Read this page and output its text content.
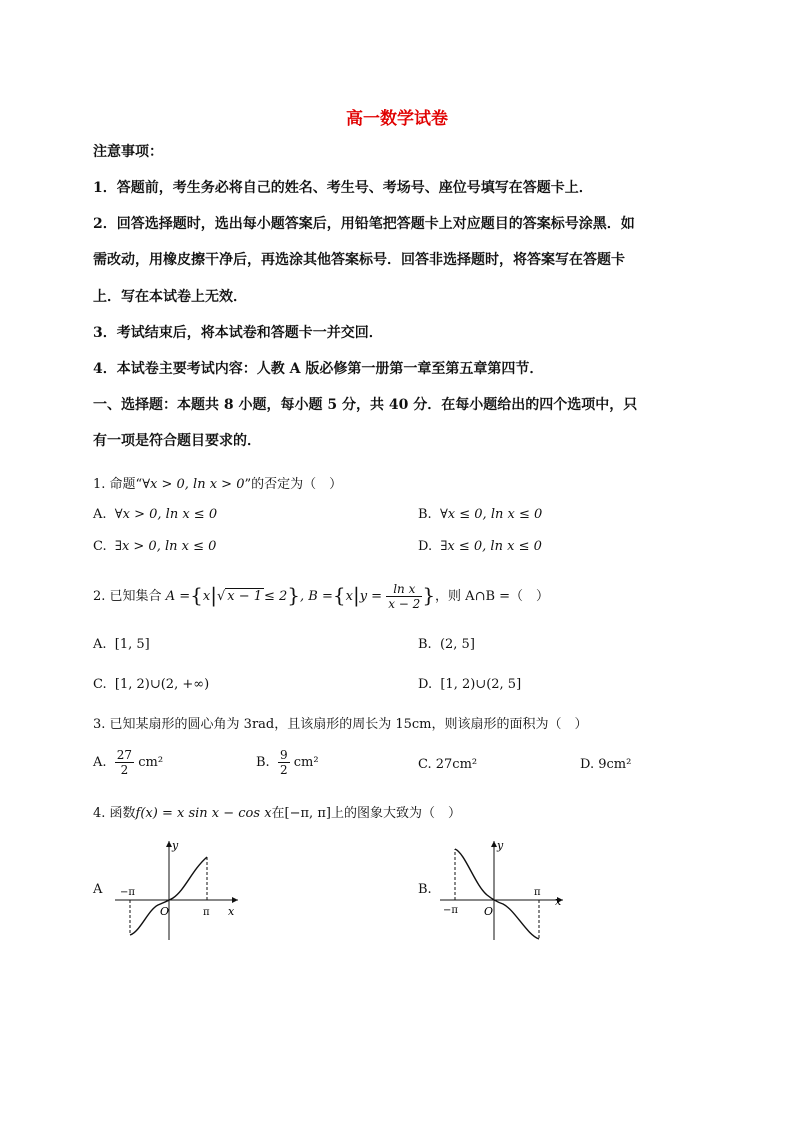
高一数学试卷
注意事项：
1．答题前，考生务必将自己的姓名、考生号、考场号、座位号填写在答题卡上．
2．回答选择题时，选出每小题答案后，用铅笔把答题卡上对应题目的答案标号涂黑．如
需改动，用橡皮擦干净后，再选涂其他答案标号．回答非选择题时，将答案写在答题卡
上．写在本试卷上无效．
3．考试结束后，将本试卷和答题卡一并交回．
4．本试卷主要考试内容：人教 A 版必修第一册第一章至第五章第四节．
一、选择题：本题共 8 小题，每小题 5 分，共 40 分．在每小题给出的四个选项中，只
有一项是符合题目要求的．
1. 命题“∀x > 0, ln x > 0”的否定为（　）
A. ∀x > 0, ln x ≤ 0	B. ∀x ≤ 0, ln x ≤ 0
C. ∃x > 0, ln x ≤ 0	D. ∃x ≤ 0, ln x ≤ 0
2. 已知集合 A ={x|√ x − 1 ≤ 2}, $B =\{x|y = \frac{\text{ln x}}{x - 2}$ }，则 A∩B =（　）
A. [1, 5]	B. (2, 5]
C. [1, 2)∪(2, +∞)	D. [1, 2)∪(2, 5]
3. 已知某扇形的圆心角为 3rad，且该扇形的周长为 15cm，则该扇形的面积为（　）
A. $\frac{27}{2} cm^2$	B. $\frac{9}{2} cm^2$	C. 27cm²	D. 9cm²
4. 函数f(x) = x sin x − cos x在[−π, π]上的图象大致为（　）
A
y
x
O
−π
π
B.
y
x
O
−π
π
